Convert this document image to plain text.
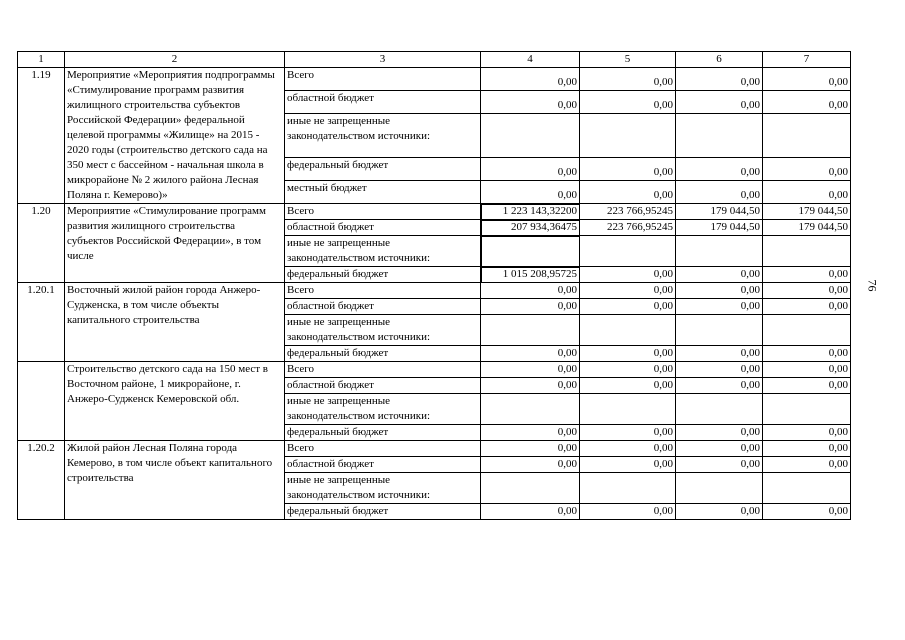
1	2	3	4	5	6	7
1.19	Мероприятие «Мероприятия подпрограммы «Стимулирование программ развития жилищного строительства субъектов Российской Федерации» федеральной целевой программы «Жилище» на 2015 - 2020 годы (строительство детского сада на 350 мест с бассейном - начальная школа в микрорайоне № 2 жилого района Лесная Поляна г. Кемерово)»	Всего	0,00	0,00	0,00	0,00
		областной бюджет	0,00	0,00	0,00	0,00
		иные не запрещенные законодательством источники:				
		федеральный бюджет	0,00	0,00	0,00	0,00
		местный бюджет	0,00	0,00	0,00	0,00
1.20	Мероприятие «Стимулирование программ развития жилищного строительства субъектов Российской Федерации», в том числе	Всего	1 223 143,32200	223 766,95245	179 044,50	179 044,50
		областной бюджет	207 934,36475	223 766,95245	179 044,50	179 044,50
		иные не запрещенные законодательством источники:				
		федеральный бюджет	1 015 208,95725	0,00	0,00	0,00
1.20.1	Восточный жилой район города Анжеро-Судженска, в том числе объекты капитального строительства	Всего	0,00	0,00	0,00	0,00
		областной бюджет	0,00	0,00	0,00	0,00
		иные не запрещенные законодательством источники:				
		федеральный бюджет	0,00	0,00	0,00	0,00
	Строительство детского сада на 150 мест в Восточном районе, 1 микрорайоне, г. Анжеро-Судженск Кемеровской обл.	Всего	0,00	0,00	0,00	0,00
		областной бюджет	0,00	0,00	0,00	0,00
		иные не запрещенные законодательством источники:				
		федеральный бюджет	0,00	0,00	0,00	0,00
1.20.2	Жилой район Лесная Поляна города Кемерово, в том числе объект капитального строительства	Всего	0,00	0,00	0,00	0,00
		областной бюджет	0,00	0,00	0,00	0,00
		иные не запрещенные законодательством источники:				
		федеральный бюджет	0,00	0,00	0,00	0,00
76
